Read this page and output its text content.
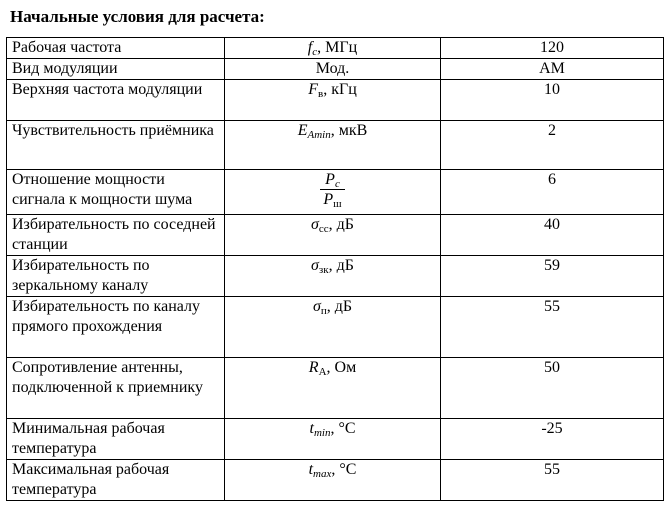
Начальные условия для расчета:
Рабочая частота	$f_c$, МГц	120
Вид модуляции	Мод.	АМ
Верхняя частота модуляции	$F_в$, кГц	10
Чувствительность приёмника	$E_{Amin}$, мкВ	2
Отношение мощности сигнала к мощности шума	$\frac{P_c}{P_ш}$	6
Избирательность по соседней станции	$\sigma_{сс}$, дБ	40
Избирательность по зеркальному каналу	$\sigma_{зк}$, дБ	59
Избирательность по каналу прямого прохождения	$\sigma_п$, дБ	55
Сопротивление антенны, подключенной к приемнику	$R_А$, Ом	50
Минимальная рабочая температура	$t_{min}$, °С	-25
Максимальная рабочая температура	$t_{max}$, °С	55
